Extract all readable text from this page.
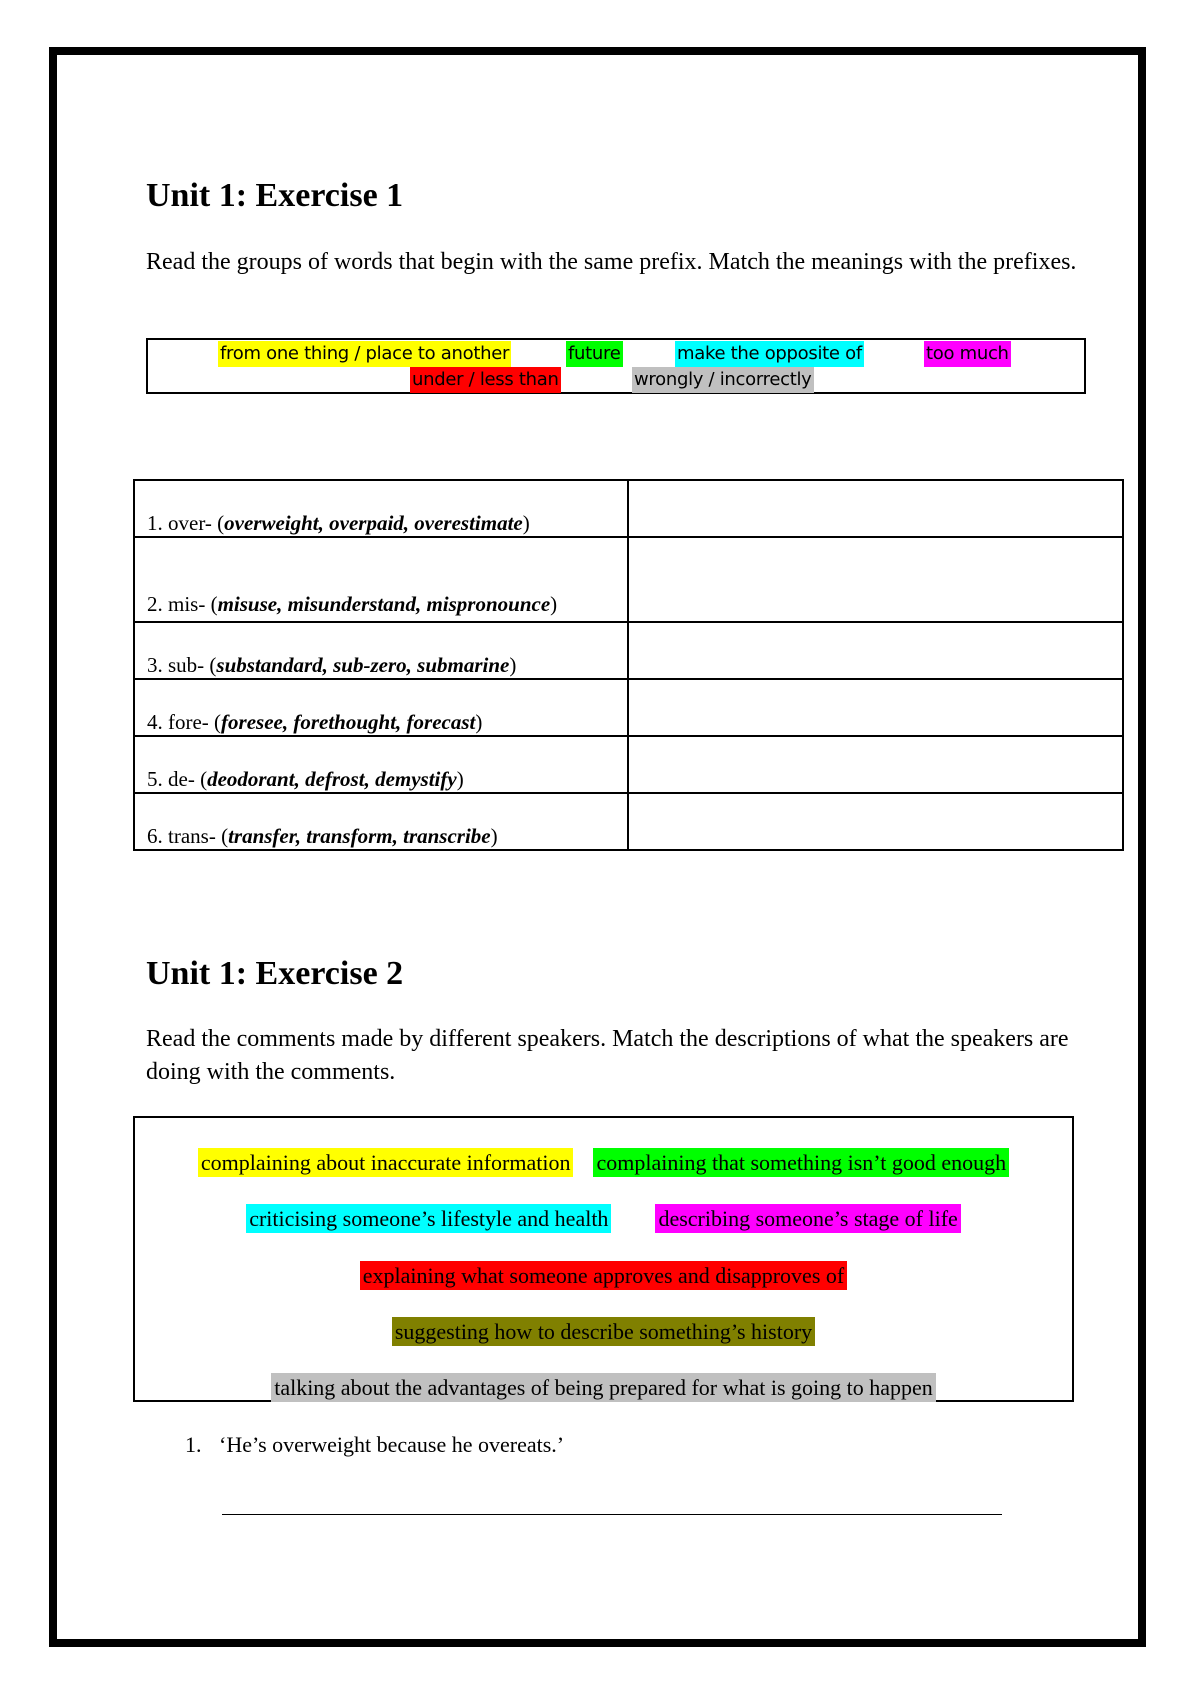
Unit 1: Exercise 1
Read the groups of words that begin with the same prefix. Match the meanings with the prefixes.
from one thing / place to another	future	make the opposite of	too much
under / less than	wrongly / incorrectly
1. over- (overweight, overpaid, overestimate)	
2. mis- (misuse, misunderstand, mispronounce)	
3. sub- (substandard, sub-zero, submarine)	
4. fore- (foresee, forethought, forecast)	
5. de- (deodorant, defrost, demystify)	
6. trans- (transfer, transform, transcribe)	
Unit 1: Exercise 2
Read the comments made by different speakers. Match the descriptions of what the speakers are doing with the comments.
complaining about inaccurate information complaining that something isn’t good enough
criticising someone’s lifestyle and health describing someone’s stage of life
explaining what someone approves and disapproves of
suggesting how to describe something’s history
talking about the advantages of being prepared for what is going to happen
1. ‘He’s overweight because he overeats.’
